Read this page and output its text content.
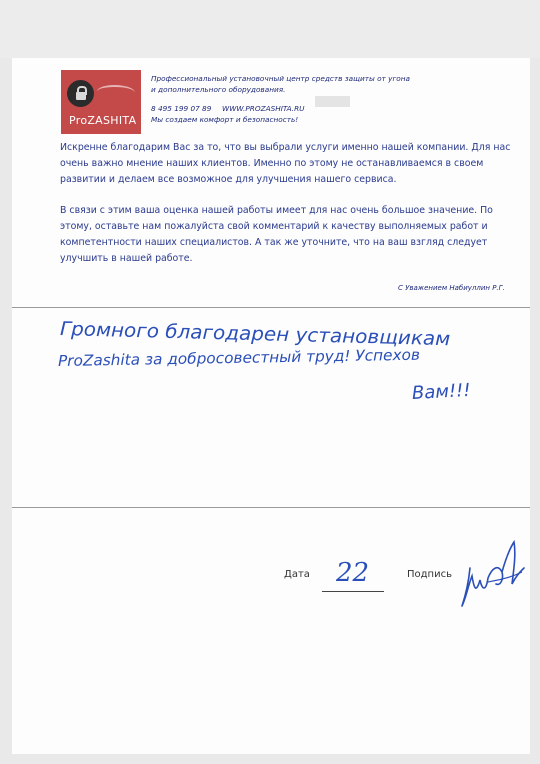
ProZASHITA
Профессиональный установочный центр средств защиты от угона
и дополнительного оборудования.
8 495 199 07 89 WWW.PROZASHITA.RU
Мы создаем комфорт и безопасность!
Искренне благодарим Вас за то, что вы выбрали услуги именно нашей компании. Для нас
очень важно мнение наших клиентов. Именно по этому не останавливаемся в своем
развитии и делаем все возможное для улучшения нашего сервиса.
В связи с этим ваша оценка нашей работы имеет для нас очень большое значение. По
этому, оставьте нам пожалуйста свой комментарий к качеству выполняемых работ и
компетентности наших специалистов. А так же уточните, что на ваш взгляд следует
улучшить в нашей работе.
С Уважением Набиуллин Р.Г.
Громного благодарен установщикам
ProZashita за добросовестный труд! Успехов
Вам!!!
Дата 22	Подпись
